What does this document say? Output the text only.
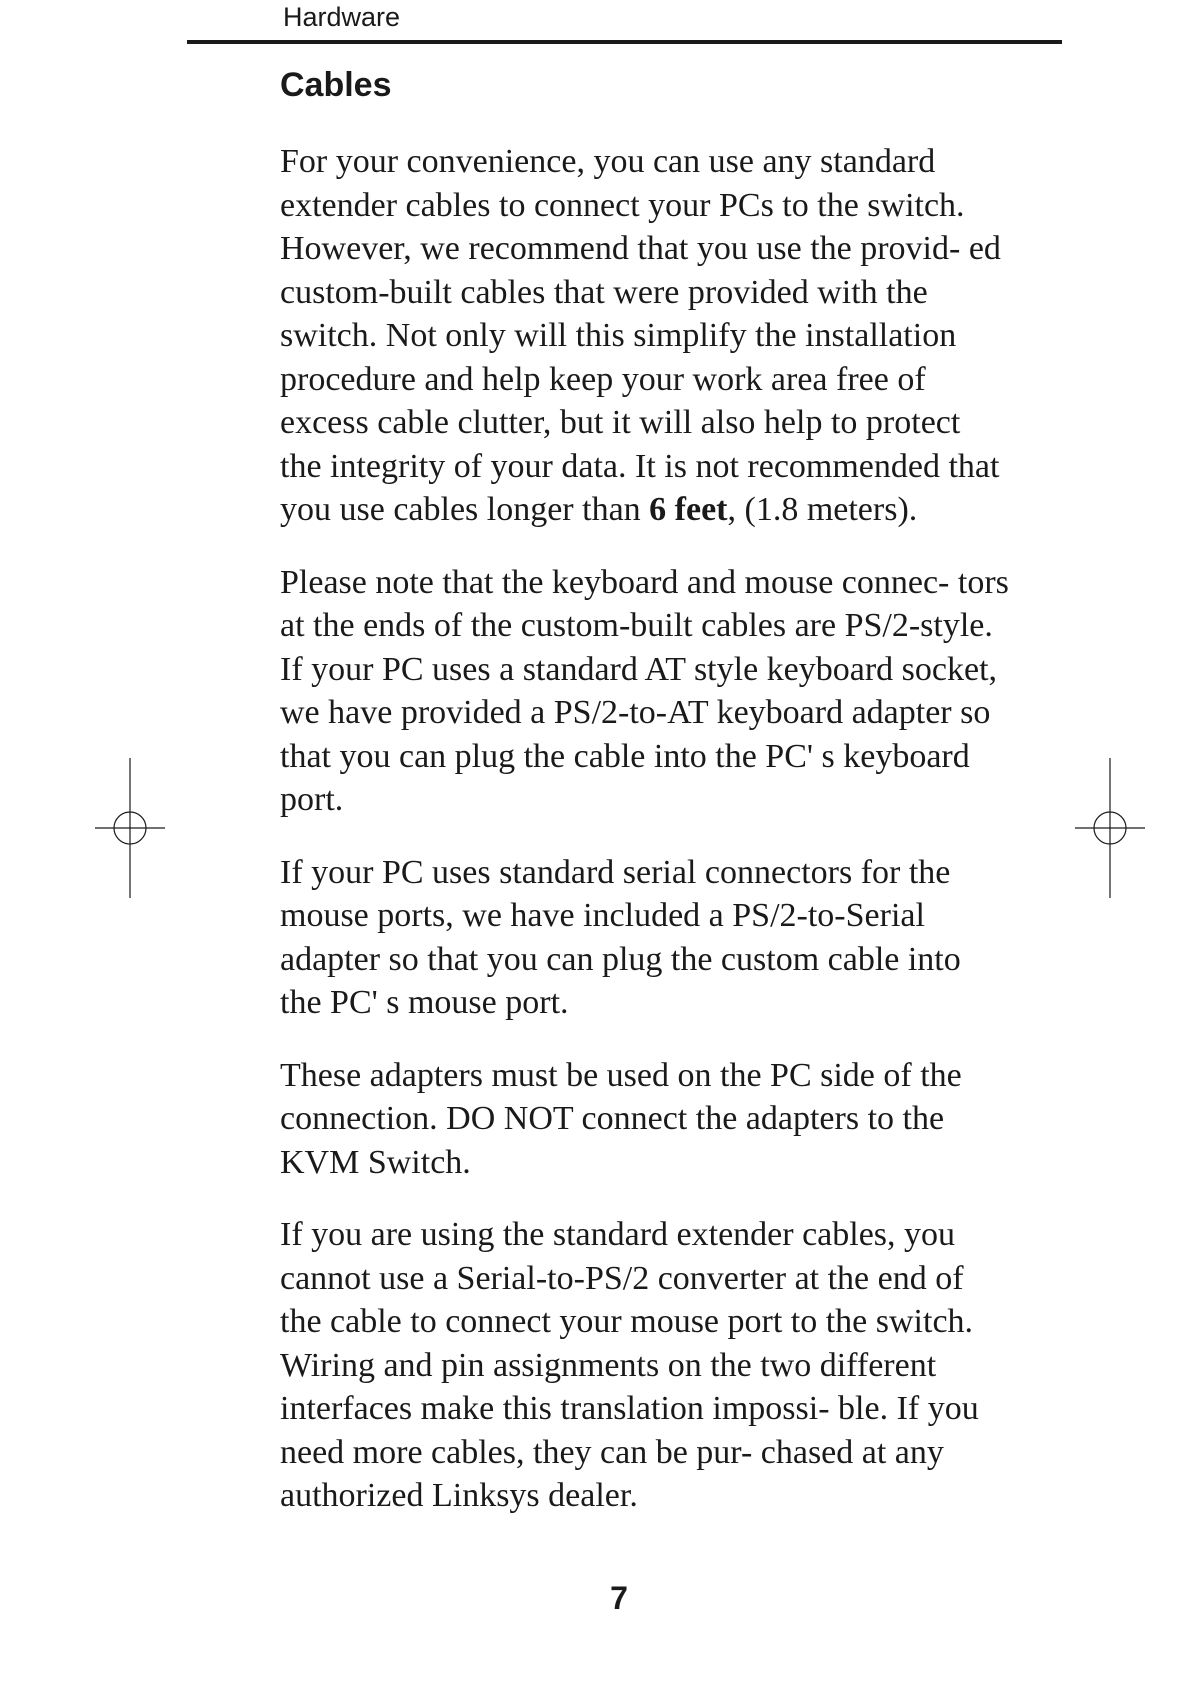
Hardware
Cables

For your convenience, you can use any standard extender cables to connect your PCs to the switch. However, we recommend that you use the provid- ed custom-built cables that were provided with the switch. Not only will this simplify the installation procedure and help keep your work area free of excess cable clutter, but it will also help to protect the integrity of your data. It is not recommended that you use cables longer than 6 feet, (1.8 meters).

Please note that the keyboard and mouse connec- tors at the ends of the custom-built cables are PS/2-style. If your PC uses a standard AT style keyboard socket, we have provided a PS/2-to-AT keyboard adapter so that you can plug the cable into the PC' s keyboard port.

If your PC uses standard serial connectors for the mouse ports, we have included a PS/2-to-Serial adapter so that you can plug the custom cable into the PC' s mouse port.

These adapters must be used on the PC side of the connection. DO NOT connect the adapters to the KVM Switch.

If you are using the standard extender cables, you cannot use a Serial-to-PS/2 converter at the end of the cable to connect your mouse port to the switch. Wiring and pin assignments on the two different interfaces make this translation impossi- ble. If you need more cables, they can be pur- chased at any authorized Linksys dealer.

7
